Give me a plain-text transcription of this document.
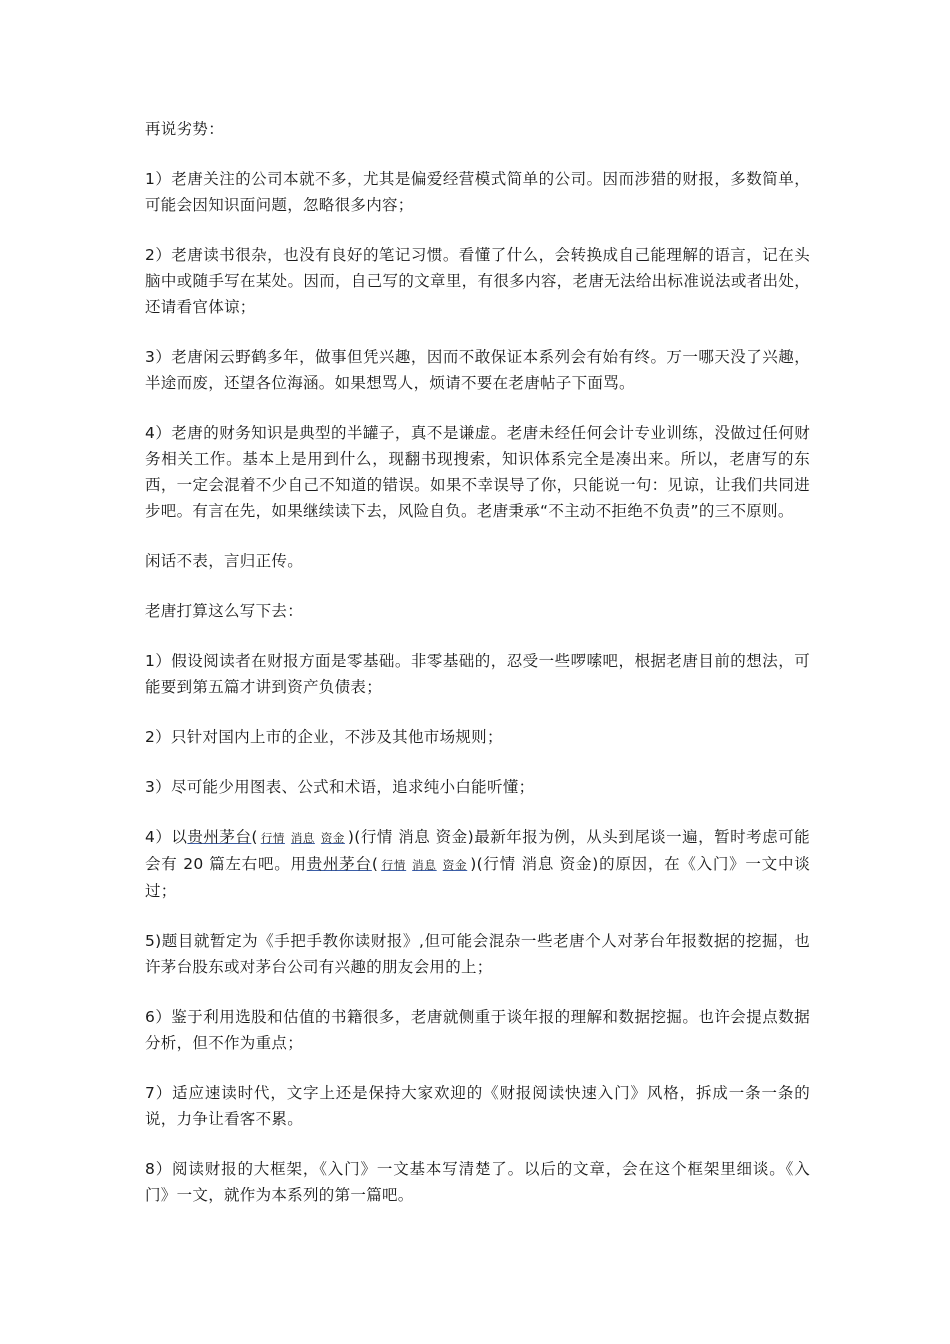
再说劣势：

1）老唐关注的公司本就不多，尤其是偏爱经营模式简单的公司。因而涉猎的财报，多数简单，可能会因知识面问题，忽略很多内容；

2）老唐读书很杂，也没有良好的笔记习惯。看懂了什么，会转换成自己能理解的语言，记在头脑中或随手写在某处。因而，自己写的文章里，有很多内容，老唐无法给出标准说法或者出处，还请看官体谅；

3）老唐闲云野鹤多年，做事但凭兴趣，因而不敢保证本系列会有始有终。万一哪天没了兴趣，半途而废，还望各位海涵。如果想骂人，烦请不要在老唐帖子下面骂。

4）老唐的财务知识是典型的半罐子，真不是谦虚。老唐未经任何会计专业训练，没做过任何财务相关工作。基本上是用到什么，现翻书现搜索，知识体系完全是凑出来。所以，老唐写的东西，一定会混着不少自己不知道的错误。如果不幸误导了你，只能说一句：见谅，让我们共同进步吧。有言在先，如果继续读下去，风险自负。老唐秉承“不主动不拒绝不负责”的三不原则。

闲话不表，言归正传。

老唐打算这么写下去：

1）假设阅读者在财报方面是零基础。非零基础的，忍受一些啰嗦吧，根据老唐目前的想法，可能要到第五篇才讲到资产负债表；

2）只针对国内上市的企业，不涉及其他市场规则；

3）尽可能少用图表、公式和术语，追求纯小白能听懂；

4）以贵州茅台( 行情 消息 资金 )(行情 消息 资金)最新年报为例，从头到尾谈一遍，暂时考虑可能会有 20 篇左右吧。用贵州茅台( 行情 消息 资金 )(行情 消息 资金)的原因，在《入门》一文中谈过；

5)题目就暂定为《手把手教你读财报》,但可能会混杂一些老唐个人对茅台年报数据的挖掘，也许茅台股东或对茅台公司有兴趣的朋友会用的上；

6）鉴于利用选股和估值的书籍很多，老唐就侧重于谈年报的理解和数据挖掘。也许会提点数据分析，但不作为重点；

7）适应速读时代，文字上还是保持大家欢迎的《财报阅读快速入门》风格，拆成一条一条的说，力争让看客不累。

8）阅读财报的大框架，《入门》一文基本写清楚了。以后的文章，会在这个框架里细谈。《入门》一文，就作为本系列的第一篇吧。
